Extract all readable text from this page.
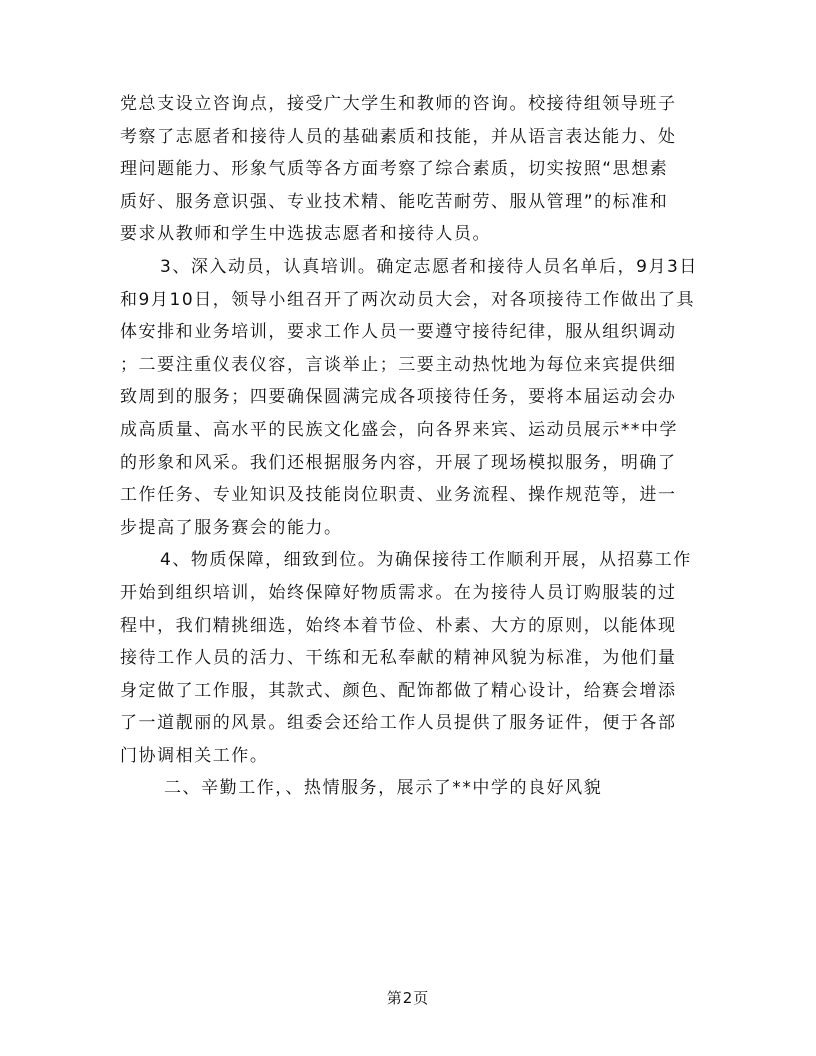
党总支设立咨询点，接受广大学生和教师的咨询。校接待组领导班子
考察了志愿者和接待人员的基础素质和技能，并从语言表达能力、处
理问题能力、形象气质等各方面考察了综合素质，切实按照“思想素
质好、服务意识强、专业技术精、能吃苦耐劳、服从管理”的标准和
要求从教师和学生中选拔志愿者和接待人员。
3、深入动员，认真培训。确定志愿者和接待人员名单后，9月3日
和9月10日，领导小组召开了两次动员大会，对各项接待工作做出了具
体安排和业务培训，要求工作人员一要遵守接待纪律，服从组织调动
；二要注重仪表仪容，言谈举止；三要主动热忱地为每位来宾提供细
致周到的服务；四要确保圆满完成各项接待任务，要将本届运动会办
成高质量、高水平的民族文化盛会，向各界来宾、运动员展示**中学
的形象和风采。我们还根据服务内容，开展了现场模拟服务，明确了
工作任务、专业知识及技能岗位职责、业务流程、操作规范等，进一
步提高了服务赛会的能力。
4、物质保障，细致到位。为确保接待工作顺利开展，从招募工作
开始到组织培训，始终保障好物质需求。在为接待人员订购服装的过
程中，我们精挑细选，始终本着节俭、朴素、大方的原则，以能体现
接待工作人员的活力、干练和无私奉献的精神风貌为标准，为他们量
身定做了工作服，其款式、颜色、配饰都做了精心设计，给赛会增添
了一道靓丽的风景。组委会还给工作人员提供了服务证件，便于各部
门协调相关工作。
二、辛勤工作，、热情服务，展示了**中学的良好风貌
第2页
